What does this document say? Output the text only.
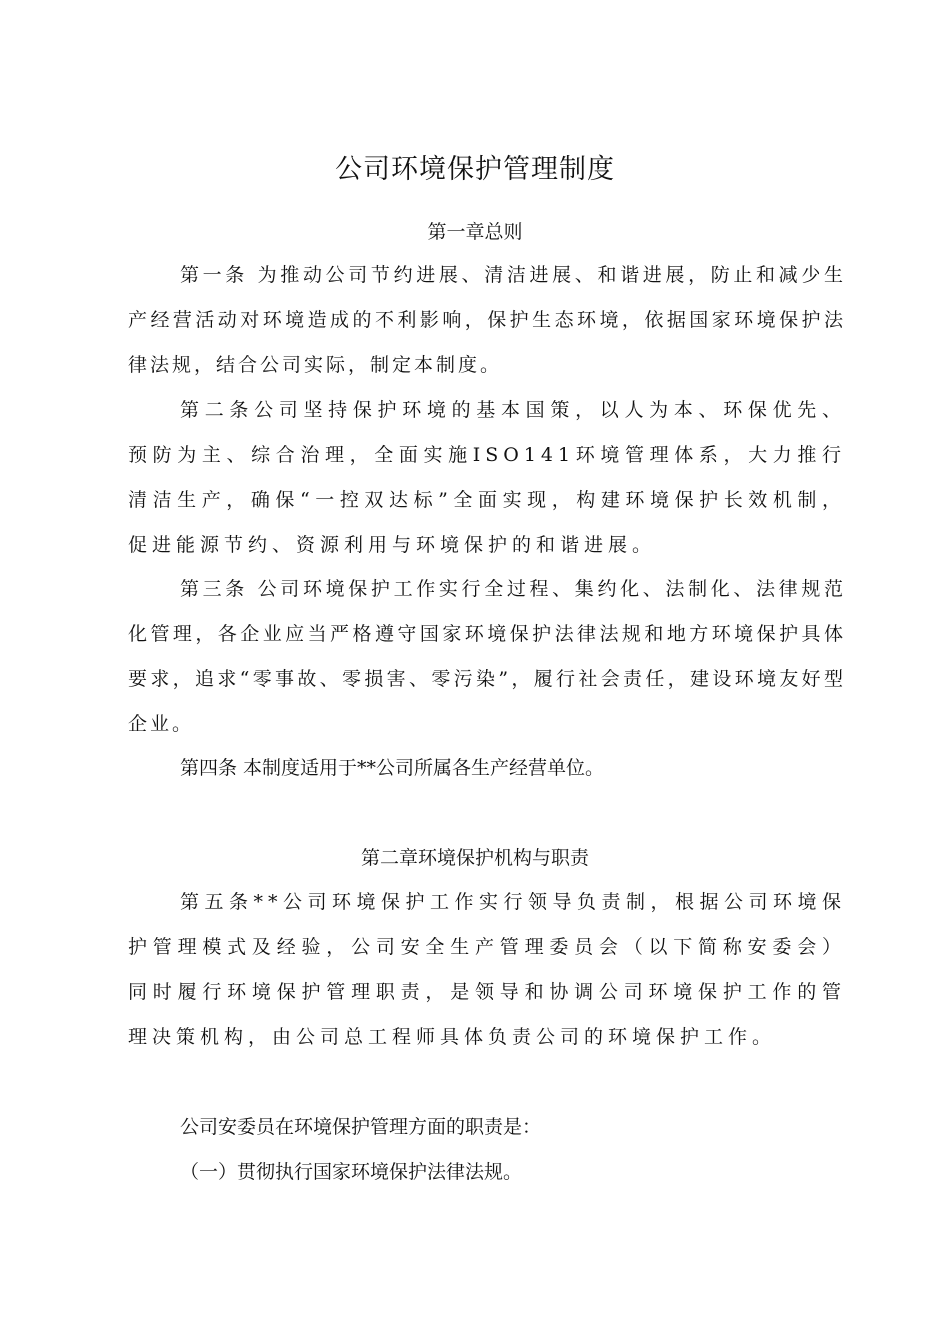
公司环境保护管理制度
第一章总则
第一条 为推动公司节约进展、清洁进展、和谐进展，防止和减少生产经营活动对环境造成的不利影响，保护生态环境，依据国家环境保护法律法规，结合公司实际，制定本制度。
第二条公司坚持保护环境的基本国策，以人为本、环保优先、预防为主、综合治理，全面实施ISO141环境管理体系，大力推行清洁生产，确保“一控双达标”全面实现，构建环境保护长效机制，促进能源节约、资源利用与环境保护的和谐进展。
第三条 公司环境保护工作实行全过程、集约化、法制化、法律规范化管理，各企业应当严格遵守国家环境保护法律法规和地方环境保护具体要求，追求“零事故、零损害、零污染”，履行社会责任，建设环境友好型企业。
第四条 本制度适用于**公司所属各生产经营单位。
第二章环境保护机构与职责
第五条**公司环境保护工作实行领导负责制，根据公司环境保护管理模式及经验，公司安全生产管理委员会（以下简称安委会）同时履行环境保护管理职责，是领导和协调公司环境保护工作的管理决策机构，由公司总工程师具体负责公司的环境保护工作。
公司安委员在环境保护管理方面的职责是：
（一）贯彻执行国家环境保护法律法规。
